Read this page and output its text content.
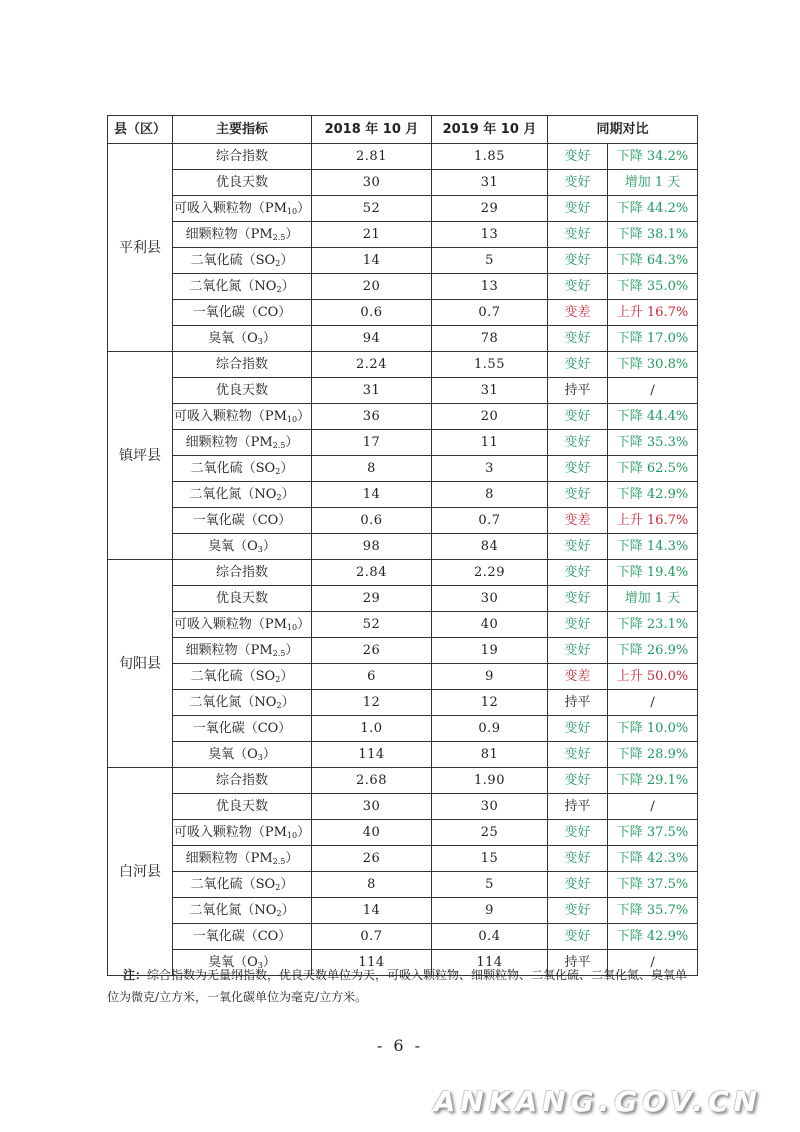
县（区）	主要指标	2018 年 10 月	2019 年 10 月	同期对比	
平利县	综合指数	2.81	1.85	变好	下降 34.2%
	优良天数	30	31	变好	增加 1 天
	可吸入颗粒物$(PM_{10})$	52	29	变好	下降 44.2%
	细颗粒物$(PM_{2.5})$	21	13	变好	下降 38.1%
	二氧化硫$(SO_2)$	14	5	变好	下降 64.3%
	二氧化氮$(NO_2)$	20	13	变好	下降 35.0%
	一氧化碳（CO）	0.6	0.7	变差	上升 16.7%
	臭氧$(O_3)$	94	78	变好	下降 17.0%
镇坪县	综合指数	2.24	1.55	变好	下降 30.8%
	优良天数	31	31	持平	/
	可吸入颗粒物$(PM_{10})$	36	20	变好	下降 44.4%
	细颗粒物$(PM_{2.5})$	17	11	变好	下降 35.3%
	二氧化硫$(SO_2)$	8	3	变好	下降 62.5%
	二氧化氮$(NO_2)$	14	8	变好	下降 42.9%
	一氧化碳（CO）	0.6	0.7	变差	上升 16.7%
	臭氧$(O_3)$	98	84	变好	下降 14.3%
旬阳县	综合指数	2.84	2.29	变好	下降 19.4%
	优良天数	29	30	变好	增加 1 天
	可吸入颗粒物$(PM_{10})$	52	40	变好	下降 23.1%
	细颗粒物$(PM_{2.5})$	26	19	变好	下降 26.9%
	二氧化硫$(SO_2)$	6	9	变差	上升 50.0%
	二氧化氮$(NO_2)$	12	12	持平	/
	一氧化碳（CO）	1.0	0.9	变好	下降 10.0%
	臭氧$(O_3)$	114	81	变好	下降 28.9%
白河县	综合指数	2.68	1.90	变好	下降 29.1%
	优良天数	30	30	持平	/
	可吸入颗粒物$(PM_{10})$	40	25	变好	下降 37.5%
	细颗粒物$(PM_{2.5})$	26	15	变好	下降 42.3%
	二氧化硫$(SO_2)$	8	5	变好	下降 37.5%
	二氧化氮$(NO_2)$	14	9	变好	下降 35.7%
	一氧化碳（CO）	0.7	0.4	变好	下降 42.9%
	臭氧$(O_3)$	114	114	持平	/
注：综合指数为无量纲指数，优良天数单位为天，可吸入颗粒物、细颗粒物、二氧化硫、二氧化氮、臭氧单位为微克/立方米，一氧化碳单位为毫克/立方米。
- 6 -
ANKANG.GOV.CN
